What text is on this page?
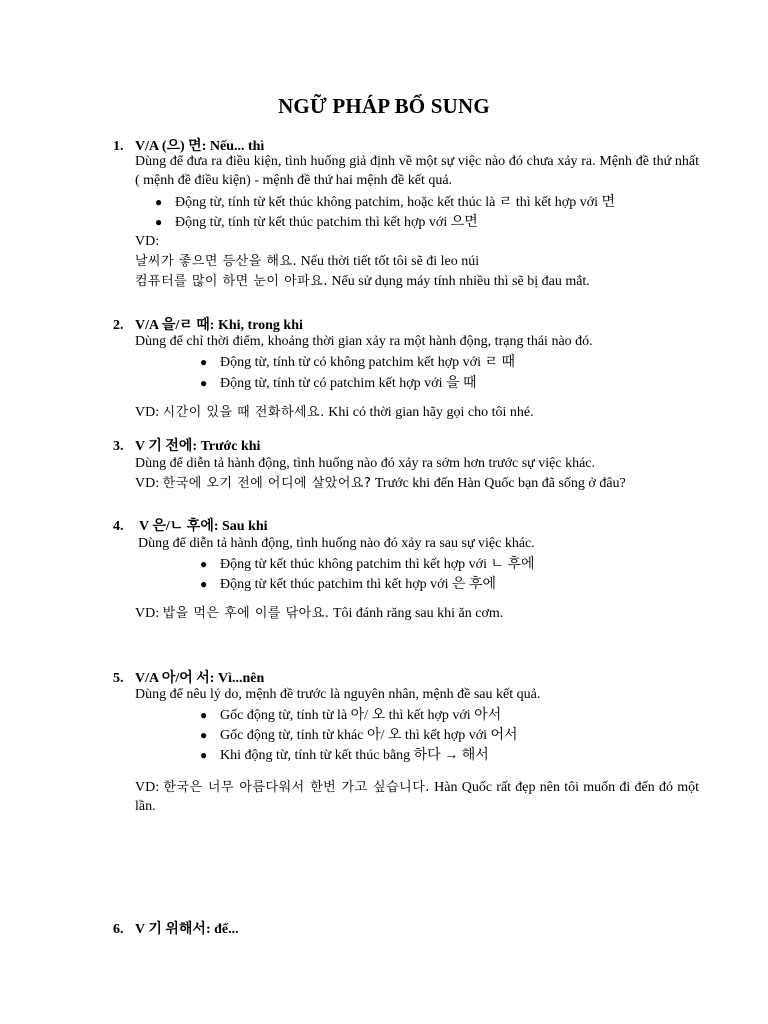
NGỮ PHÁP BỔ SUNG
1. V/A (으) 면: Nếu... thì
Dùng để đưa ra điều kiện, tình huống giả định về một sự việc nào đó chưa xảy ra. Mệnh đề thứ nhất ( mệnh đề điều kiện) - mệnh đề thứ hai mệnh đề kết quả.
● Động từ, tính từ kết thúc không patchim, hoặc kết thúc là ㄹ thì kết hợp với 면
● Động từ, tính từ kết thúc patchim thì kết hợp với 으면
VD:
날씨가 좋으면 등산을 해요. Nếu thời tiết tốt tôi sẽ đi leo núi
컴퓨터를 많이 하면 눈이 아파요. Nếu sử dụng máy tính nhiều thì sẽ bị đau mắt.
2. V/A 을/ㄹ 때: Khi, trong khi
Dùng để chỉ thời điểm, khoảng thời gian xảy ra một hành động, trạng thái nào đó.
● Động từ, tính từ có không patchim kết hợp với ㄹ 때
● Động từ, tính từ có patchim kết hợp với 을 때
VD: 시간이 있을 때 전화하세요. Khi có thời gian hãy gọi cho tôi nhé.
3. V 기 전에: Trước khi
Dùng để diễn tả hành động, tình huống nào đó xảy ra sớm hơn trước sự việc khác.
VD: 한국에 오기 전에 어디에 살았어요? Trước khi đến Hàn Quốc bạn đã sống ở đâu?
4. V 은/ㄴ 후에: Sau khi
Dùng để diễn tả hành động, tình huống nào đó xảy ra sau sự việc khác.
● Động từ kết thúc không patchim thì kết hợp với ㄴ 후에
● Động từ kết thúc patchim thì kết hợp với 은 후에
VD: 밥을 먹은 후에 이를 닦아요. Tôi đánh răng sau khi ăn cơm.
5. V/A 아/어 서: Vì...nên
Dùng để nêu lý do, mệnh đề trước là nguyên nhân, mệnh đề sau kết quả.
● Gốc động từ, tính từ là 아/ 오 thì kết hợp với 아서
● Gốc động từ, tính từ khác 아/ 오 thì kết hợp với 어서
● Khi động từ, tính từ kết thúc bằng 하다 → 해서
VD: 한국은 너무 아름다워서 한번 가고 싶습니다. Hàn Quốc rất đẹp nên tôi muốn đi đến đó một lần.
6. V 기 위해서: để...
